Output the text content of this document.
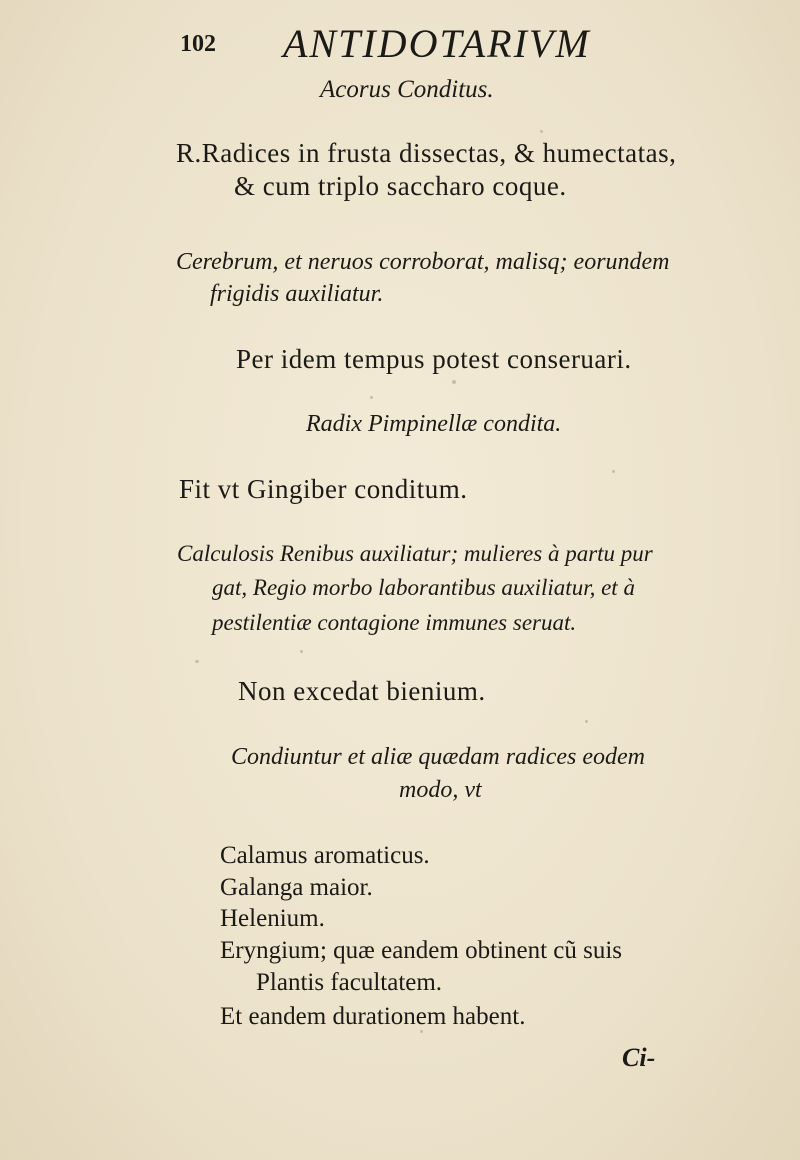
102 ANTIDOTARIVM
Acorus Conditus.
R.Radices in frusta dissectas, & humectatas,
& cum triplo saccharo coque.
Cerebrum, et neruos corroborat, malisq; eorundem
frigidis auxiliatur.
Per idem tempus potest conseruari.
Radix Pimpinellæ condita.
Fit vt Gingiber conditum.
Calculosis Renibus auxiliatur; mulieres à partu pur
gat, Regio morbo laborantibus auxiliatur, et à
pestilentiæ contagione immunes seruat.
Non excedat bienium.
Condiuntur et aliæ quædam radices eodem
modo, vt
Calamus aromaticus.
Galanga maior.
Helenium.
Eryngium; quæ eandem obtinent cũ suis
Plantis facultatem.
Et eandem durationem habent.
Ci-
